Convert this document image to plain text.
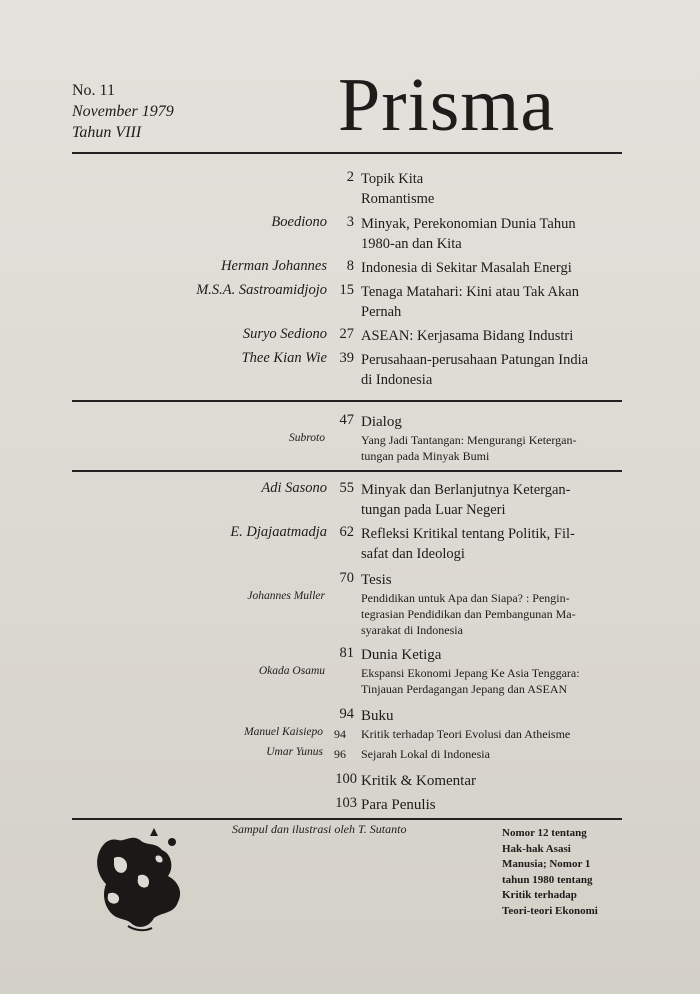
No. 11
November 1979
Tahun VIII	Prisma
2 Topik Kita
Romantisme
Boediono	3 Minyak, Perekonomian Dunia Tahun
1980-an dan Kita
Herman Johannes	8 Indonesia di Sekitar Masalah Energi
M.S.A. Sastroamidjojo 15 Tenaga Matahari: Kini atau Tak Akan
Pernah
Suryo Sediono 27 ASEAN: Kerjasama Bidang Industri
Thee Kian Wie 39 Perusahaan-perusahaan Patungan India
di Indonesia
47 Dialog
Subroto	Yang Jadi Tantangan: Mengurangi Ketergan-
tungan pada Minyak Bumi
Adi Sasono 55 Minyak dan Berlanjutnya Ketergan-
tungan pada Luar Negeri
E. Djajaatmadja 62 Refleksi Kritikal tentang Politik, Fil-
safat dan Ideologi
70 Tesis
Johannes Muller	Pendidikan untuk Apa dan Siapa? : Pengin-
tegrasian Pendidikan dan Pembangunan Ma-
syarakat di Indonesia
81 Dunia Ketiga
Okada Osamu	Ekspansi Ekonomi Jepang Ke Asia Tenggara:
Tinjauan Perdagangan Jepang dan ASEAN
94 Buku
Manuel Kaisiepo 94 Kritik terhadap Teori Evolusi dan Atheisme
Umar Yunus 96 Sejarah Lokal di Indonesia
100 Kritik & Komentar
103 Para Penulis
Sampul dan ilustrasi oleh T. Sutanto	Nomor 12 tentang
Hak-hak Asasi
Manusia; Nomor 1
tahun 1980 tentang
Kritik terhadap
Teori-teori Ekonomi
